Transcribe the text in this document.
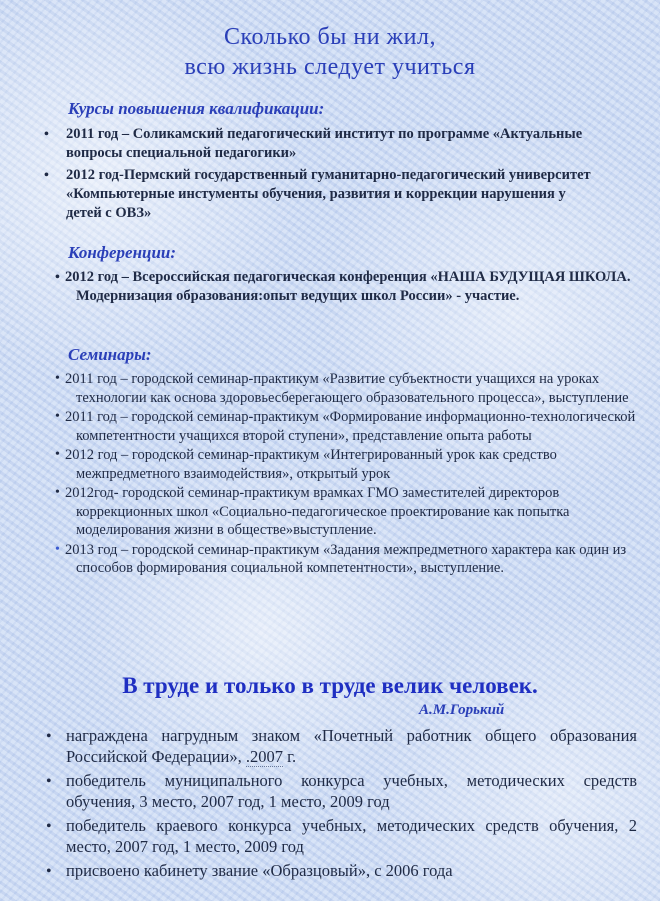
Сколько бы ни жил,
всю жизнь следует учиться
Курсы повышения квалификации:
• 2011 год – Соликамский педагогический институт по программе «Актуальные вопросы специальной педагогики»
• 2012 год-Пермский государственный гуманитарно-педагогический университет «Компьютерные инстументы обучения, развития и коррекции нарушения у детей с ОВЗ»
Конференции:
• 2012 год – Всероссийская педагогическая конференция «НАША БУДУЩАЯ ШКОЛА. Модернизация образования:опыт ведущих школ России» - участие.
Семинары:
• 2011 год – городской семинар-практикум «Развитие субъектности учащихся на уроках технологии как основа здоровьесберегающего образовательного процесса», выступление
• 2011 год – городской семинар-практикум «Формирование информационно-технологической компетентности учащихся второй ступени», представление опыта работы
• 2012 год – городской семинар-практикум «Интегрированный урок как средство межпредметного взаимодействия», открытый урок
• 2012год- городской семинар-практикум врамках ГМО заместителей директоров коррекционных школ «Социально-педагогическое проектирование как попытка моделирования жизни в обществе»выступление.
• 2013 год – городской семинар-практикум «Задания межпредметного характера как один из способов формирования социальной компетентности», выступление.
В труде и только в труде велик человек.
А.М.Горький
• награждена нагрудным знаком «Почетный работник общего образования Российской Федерации», .2007 г.
• победитель муниципального конкурса учебных, методических средств обучения, 3 место, 2007 год, 1 место, 2009 год
• победитель краевого конкурса учебных, методических средств обучения, 2 место, 2007 год, 1 место, 2009 год
• присвоено кабинету звание «Образцовый», с 2006 года
